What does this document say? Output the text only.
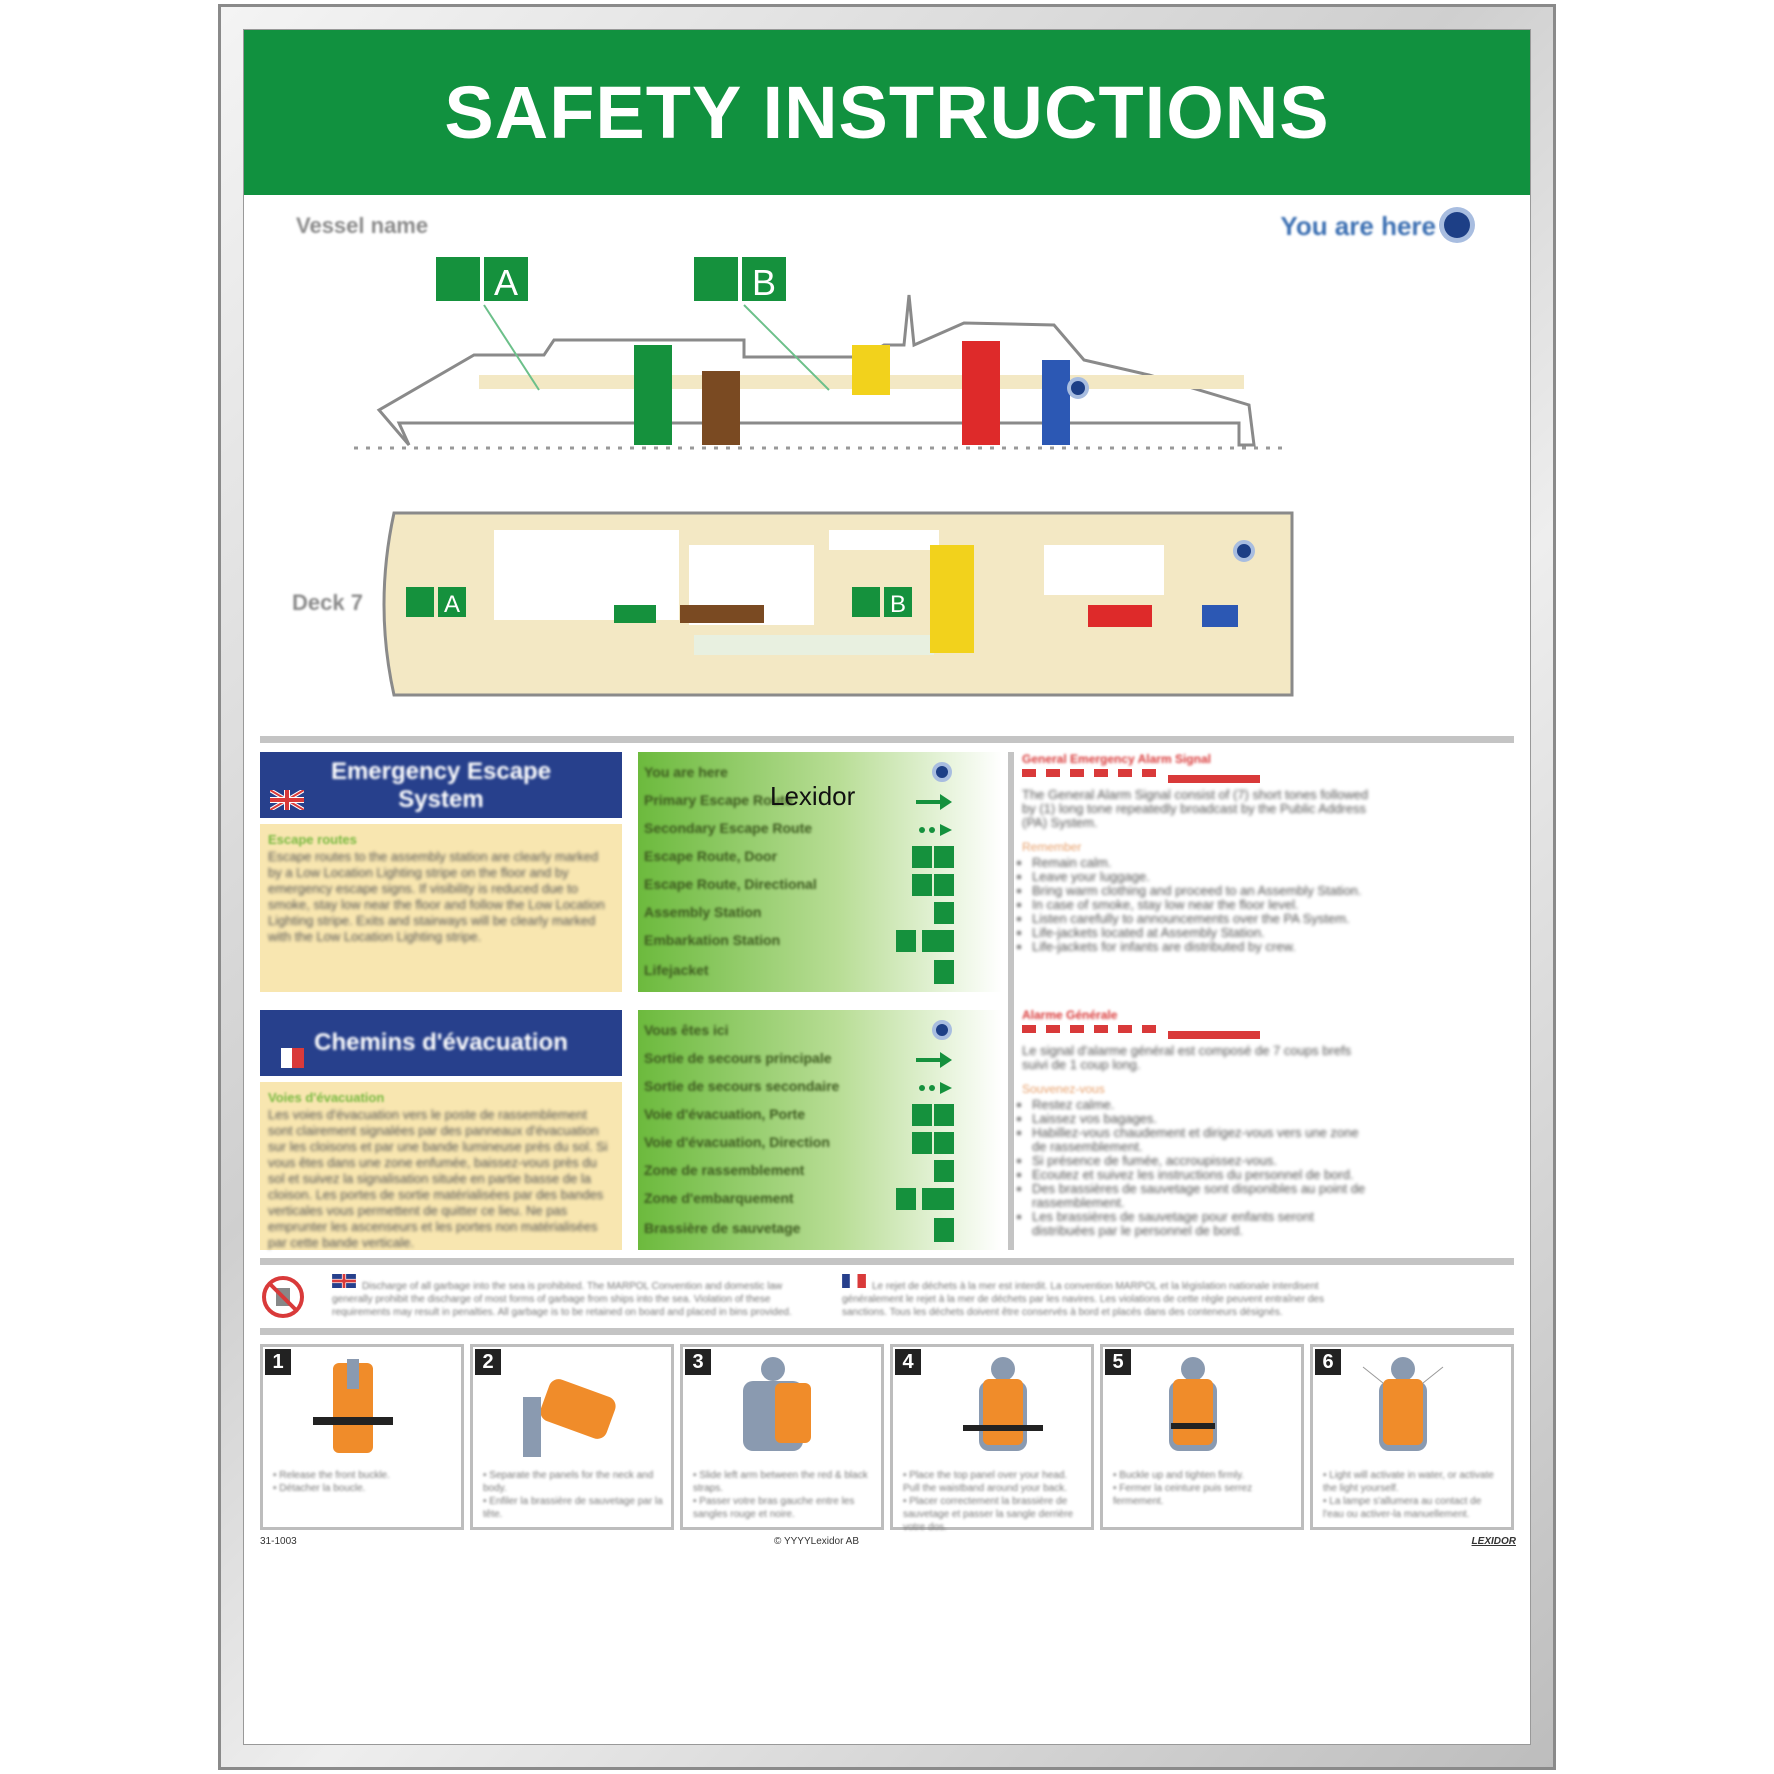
SAFETY INSTRUCTIONS
Vessel name	You are here
A	B
A	B
Deck 7
Emergency Escape
System
Escape routes
Escape routes to the assembly station are clearly marked by a Low Location Lighting stripe on the floor and by emergency escape signs. If visibility is reduced due to smoke, stay low near the floor and follow the Low Location Lighting stripe. Exits and stairways will be clearly marked with the Low Location Lighting stripe.
Chemins d'évacuation
Voies d'évacuation
Les voies d'évacuation vers le poste de rassemblement sont clairement signalées par des panneaux d'évacuation sur les cloisons et par une bande lumineuse près du sol. Si vous êtes dans une zone enfumée, baissez-vous près du sol et suivez la signalisation située en partie basse de la cloison. Les portes de sortie matérialisées par des bandes verticales vous permettent de quitter ce lieu. Ne pas emprunter les ascenseurs et les portes non matérialisées par cette bande verticale.
You are here
Primary Escape Route
Secondary Escape Route
Escape Route, Door
Escape Route, Directional
Assembly Station
Embarkation Station
Lifejacket
Vous êtes ici
Sortie de secours principale
Sortie de secours secondaire
Voie d'évacuation, Porte
Voie d'évacuation, Direction
Zone de rassemblement
Zone d'embarquement
Brassière de sauvetage
General Emergency Alarm Signal
The General Alarm Signal consist of (7) short tones followed by (1) long tone repeatedly broadcast by the Public Address (PA) System.
Remember
• Remain calm.
• Leave your luggage.
• Bring warm clothing and proceed to an Assembly Station.
• In case of smoke, stay low near the floor level.
• Listen carefully to announcements over the PA System.
• Life-jackets located at Assembly Station.
• Life-jackets for infants are distributed by crew.
Alarme Générale
Le signal d'alarme général est composé de 7 coups brefs suivi de 1 coup long.
Souvenez-vous
• Restez calme.
• Laissez vos bagages.
• Habillez-vous chaudement et dirigez-vous vers une zone de rassemblement.
• Si présence de fumée, accroupissez-vous.
• Ecoutez et suivez les instructions du personnel de bord.
• Des brassières de sauvetage sont disponibles au point de rassemblement.
• Les brassières de sauvetage pour enfants seront distribuées par le personnel de bord.
Discharge of all garbage into the sea is prohibited. The MARPOL Convention and domestic law generally prohibit the discharge of most forms of garbage from ships into the sea. Violation of these requirements may result in penalties. All garbage is to be retained on board and placed in bins provided.
Le rejet de déchets à la mer est interdit. La convention MARPOL et la législation nationale interdisent généralement le rejet à la mer de déchets par les navires. Les violations de cette règle peuvent entraîner des sanctions. Tous les déchets doivent être conservés à bord et placés dans des conteneurs désignés.
1
• Release the front buckle.
• Détacher la boucle.
2
• Separate the panels for the neck and body.
• Enfiler la brassière de sauvetage par la tête.
3
• Slide left arm between the red & black straps.
• Passer votre bras gauche entre les sangles rouge et noire.
4
• Place the top panel over your head. Pull the waistband around your back.
• Placer correctement la brassière de sauvetage et passer la sangle derrière votre dos.
5
• Buckle up and tighten firmly.
• Fermer la ceinture puis serrez fermement.
6
• Light will activate in water, or activate the light yourself.
• La lampe s'allumera au contact de l'eau ou activer-la manuellement.
31-1003	© YYYYLexidor AB	LEXIDOR
Lexidor
